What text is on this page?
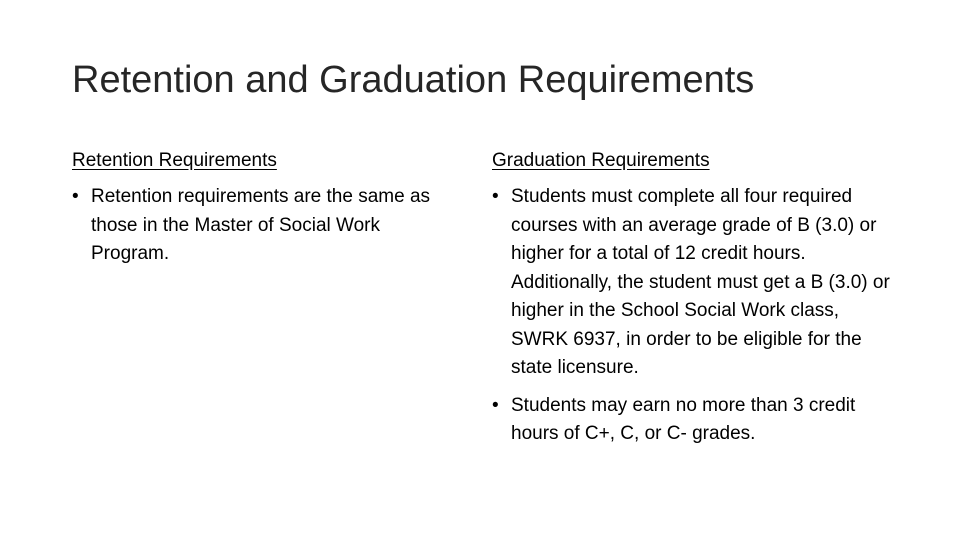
Retention and Graduation Requirements
Retention Requirements
• Retention requirements are the same as those in the Master of Social Work Program.
Graduation Requirements
• Students must complete all four required courses with an average grade of B (3.0) or higher for a total of 12 credit hours. Additionally, the student must get a B (3.0) or higher in the School Social Work class, SWRK 6937, in order to be eligible for the state licensure.
• Students may earn no more than 3 credit hours of C+, C, or C- grades.
